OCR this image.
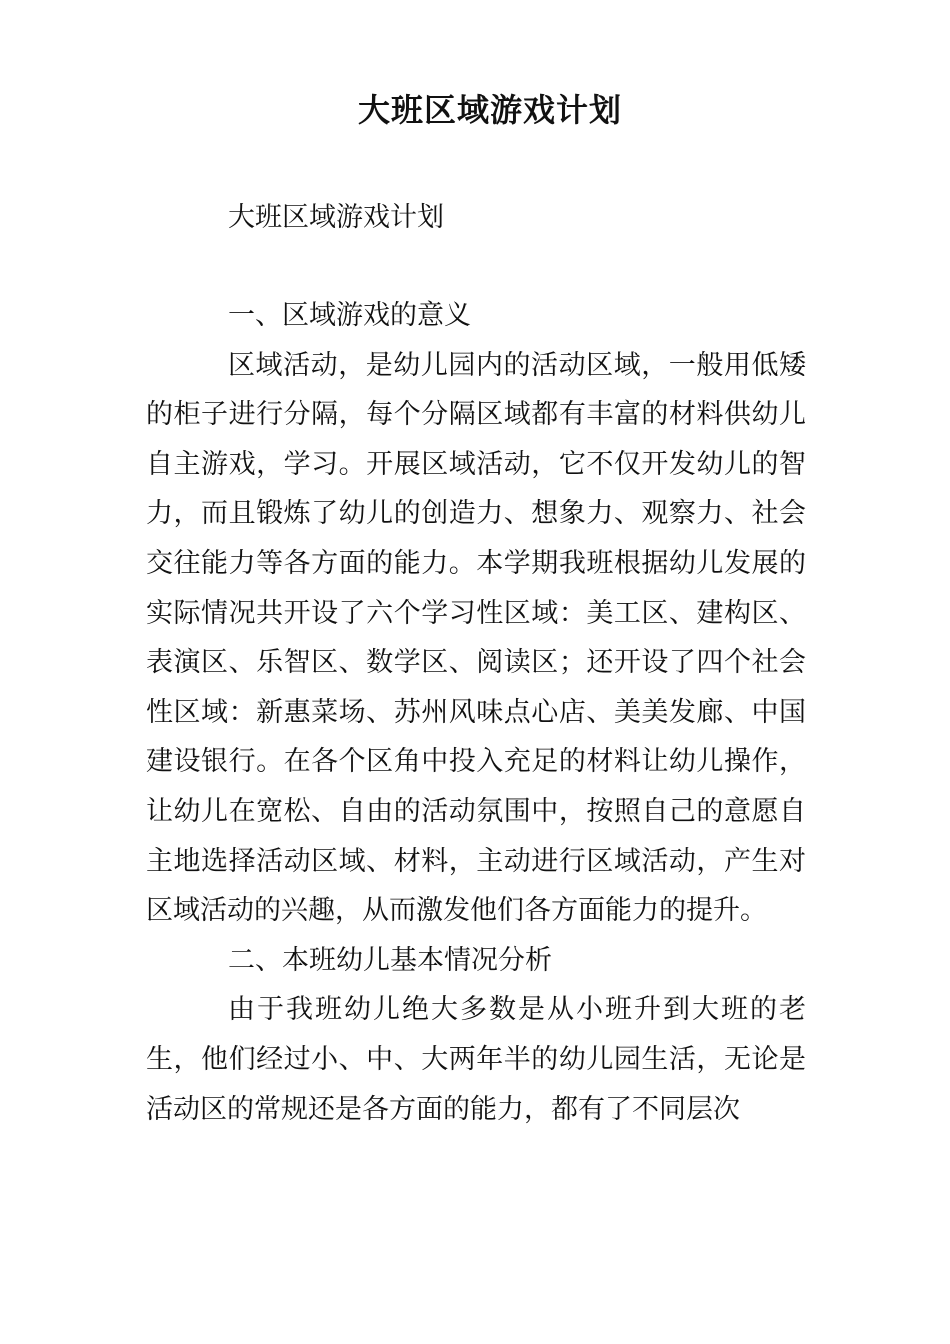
大班区域游戏计划
大班区域游戏计划

一、区域游戏的意义

区域活动，是幼儿园内的活动区域，一般用低矮的柜子进行分隔，每个分隔区域都有丰富的材料供幼儿自主游戏，学习。开展区域活动，它不仅开发幼儿的智力，而且锻炼了幼儿的创造力、想象力、观察力、社会交往能力等各方面的能力。本学期我班根据幼儿发展的实际情况共开设了六个学习性区域：美工区、建构区、表演区、乐智区、数学区、阅读区；还开设了四个社会性区域：新惠菜场、苏州风味点心店、美美发廊、中国建设银行。在各个区角中投入充足的材料让幼儿操作，让幼儿在宽松、自由的活动氛围中，按照自己的意愿自主地选择活动区域、材料，主动进行区域活动，产生对区域活动的兴趣，从而激发他们各方面能力的提升。

二、本班幼儿基本情况分析

由于我班幼儿绝大多数是从小班升到大班的老生，他们经过小、中、大两年半的幼儿园生活，无论是活动区的常规还是各方面的能力，都有了不同层次
